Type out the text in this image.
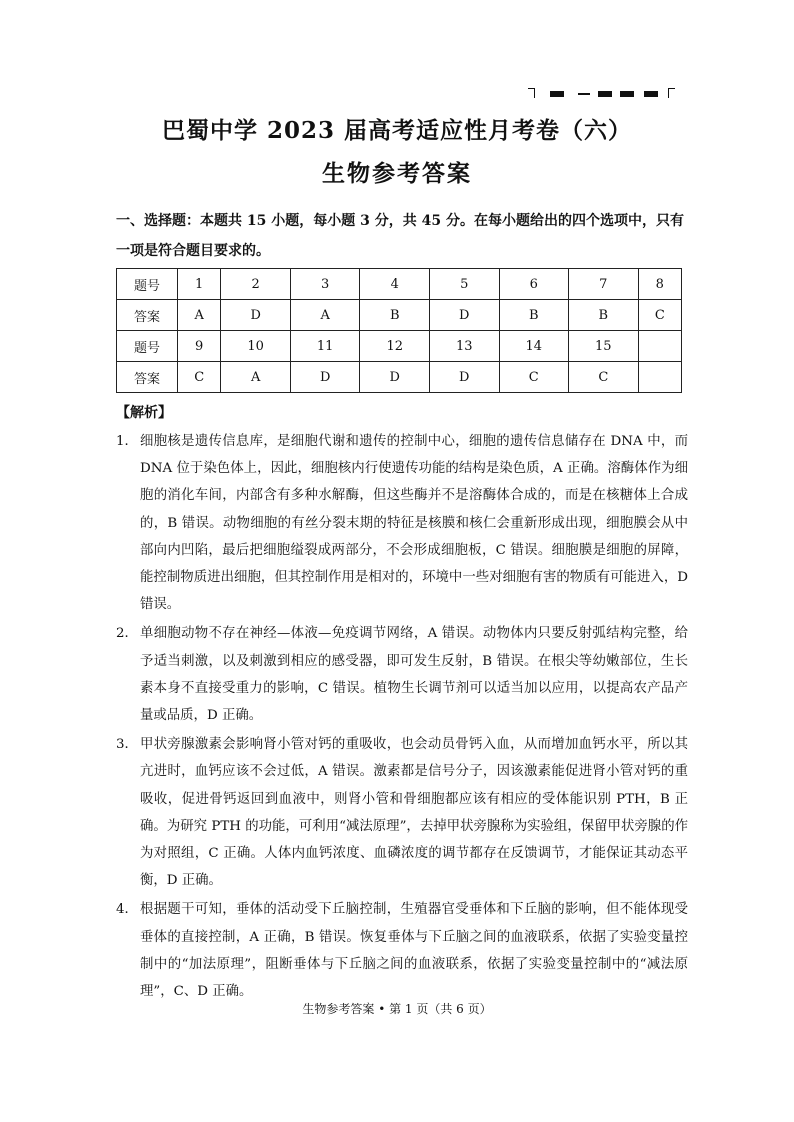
巴蜀中学 2023 届高考适应性月考卷（六）
生物参考答案
一、选择题：本题共 15 小题，每小题 3 分，共 45 分。在每小题给出的四个选项中，只有一项是符合题目要求的。
题号	1	2	3	4	5	6	7	8
答案	A	D	A	B	D	B	B	C
题号	9	10	11	12	13	14	15	
答案	C	A	D	D	D	C	C	
【解析】
1． 细胞核是遗传信息库，是细胞代谢和遗传的控制中心，细胞的遗传信息储存在 DNA 中，而 DNA 位于染色体上，因此，细胞核内行使遗传功能的结构是染色质，A 正确。溶酶体作为细胞的消化车间，内部含有多种水解酶，但这些酶并不是溶酶体合成的，而是在核糖体上合成的，B 错误。动物细胞的有丝分裂末期的特征是核膜和核仁会重新形成出现，细胞膜会从中部向内凹陷，最后把细胞缢裂成两部分，不会形成细胞板，C 错误。细胞膜是细胞的屏障，能控制物质进出细胞，但其控制作用是相对的，环境中一些对细胞有害的物质有可能进入，D 错误。
2． 单细胞动物不存在神经—体液—免疫调节网络，A 错误。动物体内只要反射弧结构完整，给予适当刺激，以及刺激到相应的感受器，即可发生反射，B 错误。在根尖等幼嫩部位，生长素本身不直接受重力的影响，C 错误。植物生长调节剂可以适当加以应用，以提高农产品产量或品质，D 正确。
3． 甲状旁腺激素会影响肾小管对钙的重吸收，也会动员骨钙入血，从而增加血钙水平，所以其亢进时，血钙应该不会过低，A 错误。激素都是信号分子，因该激素能促进肾小管对钙的重吸收，促进骨钙返回到血液中，则肾小管和骨细胞都应该有相应的受体能识别 PTH，B 正确。为研究 PTH 的功能，可利用“减法原理”，去掉甲状旁腺称为实验组，保留甲状旁腺的作为对照组，C 正确。人体内血钙浓度、血磷浓度的调节都存在反馈调节，才能保证其动态平衡，D 正确。
4． 根据题干可知，垂体的活动受下丘脑控制，生殖器官受垂体和下丘脑的影响，但不能体现受垂体的直接控制，A 正确，B 错误。恢复垂体与下丘脑之间的血液联系，依据了实验变量控制中的“加法原理”，阻断垂体与下丘脑之间的血液联系，依据了实验变量控制中的“减法原理”，C、D 正确。
生物参考答案 • 第 1 页（共 6 页）
